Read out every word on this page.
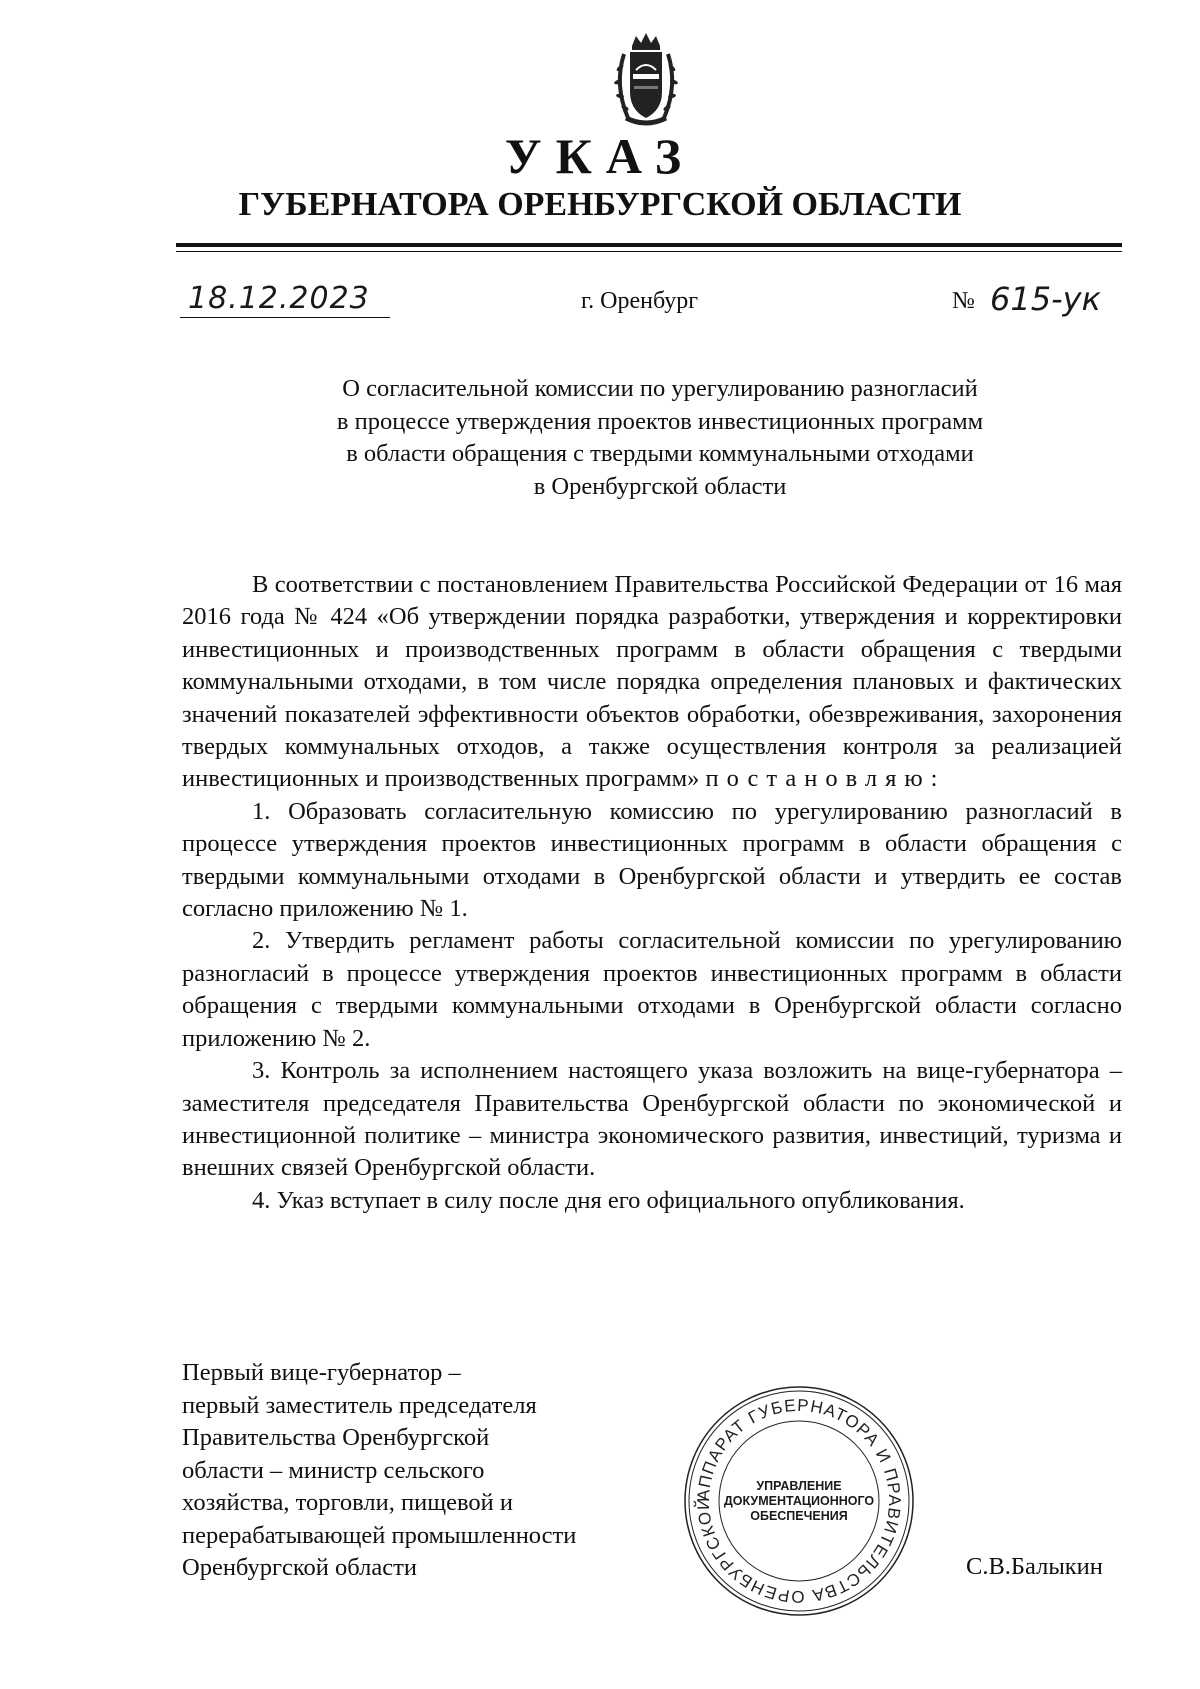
УКАЗ
ГУБЕРНАТОРА ОРЕНБУРГСКОЙ ОБЛАСТИ
18.12.2023	г. Оренбург	№ 615-ук
О согласительной комиссии по урегулированию разногласий
в процессе утверждения проектов инвестиционных программ
в области обращения с твердыми коммунальными отходами
в Оренбургской области

В соответствии с постановлением Правительства Российской Федерации от 16 мая 2016 года № 424 «Об утверждении порядка разработки, утверждения и корректировки инвестиционных и производственных программ в области обращения с твердыми коммунальными отходами, в том числе порядка определения плановых и фактических значений показателей эффективности объектов обработки, обезвреживания, захоронения твердых коммунальных отходов, а также осуществления контроля за реализацией инвестиционных и производственных программ» постановляю:

1. Образовать согласительную комиссию по урегулированию разногласий в процессе утверждения проектов инвестиционных программ в области обращения с твердыми коммунальными отходами в Оренбургской области и утвердить ее состав согласно приложению № 1.

2. Утвердить регламент работы согласительной комиссии по урегулированию разногласий в процессе утверждения проектов инвестиционных программ в области обращения с твердыми коммунальными отходами в Оренбургской области согласно приложению № 2.

3. Контроль за исполнением настоящего указа возложить на вице-губернатора – заместителя председателя Правительства Оренбургской области по экономической и инвестиционной политике – министра экономического развития, инвестиций, туризма и внешних связей Оренбургской области.

4. Указ вступает в силу после дня его официального опубликования.

Первый вице-губернатор –
первый заместитель председателя
Правительства Оренбургской
области – министр сельского
хозяйства, торговли, пищевой и
перерабатывающей промышленности
Оренбургской области	С.В.Балыкин
АППАРАТ ГУБЕРНАТОРА И ПРАВИТЕЛЬСТВА ОРЕНБУРГСКОЙ
УПРАВЛЕНИЕ
ДОКУМЕНТАЦИОННОГО
ОБЕСПЕЧЕНИЯ
